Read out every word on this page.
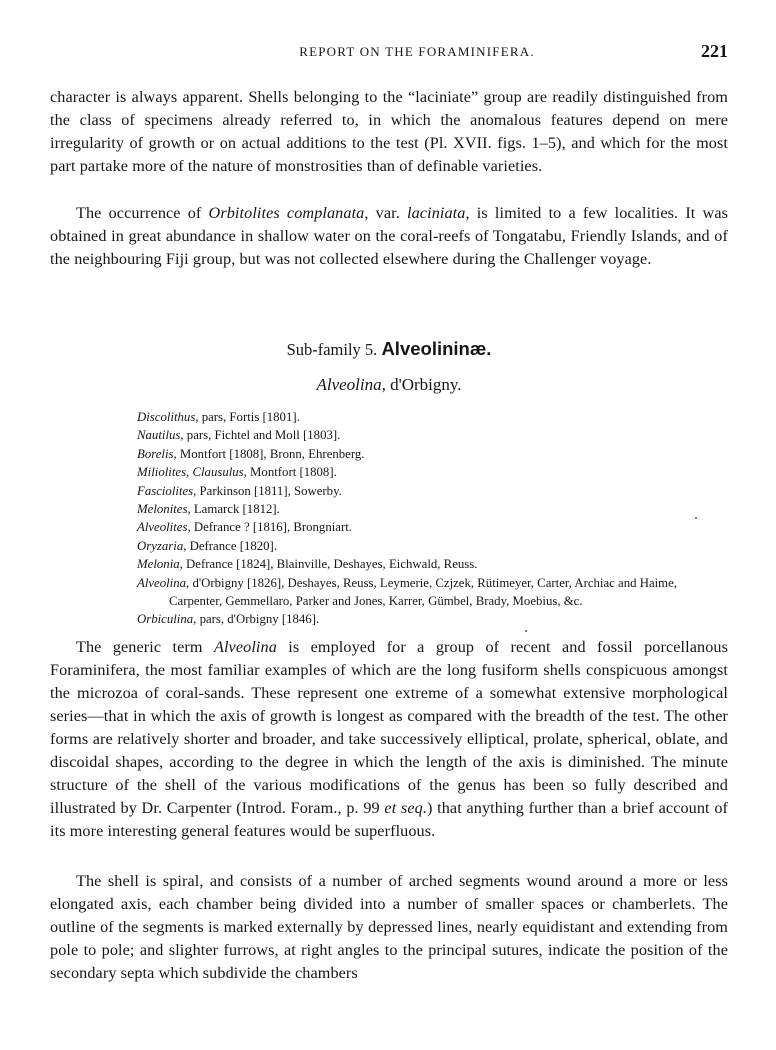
REPORT ON THE FORAMINIFERA.	221

character is always apparent. Shells belonging to the “laciniate” group are readily distinguished from the class of specimens already referred to, in which the anomalous features depend on mere irregularity of growth or on actual additions to the test (Pl. XVII. figs. 1–5), and which for the most part partake more of the nature of monstrosities than of definable varieties.

The occurrence of Orbitolites complanata, var. laciniata, is limited to a few localities. It was obtained in great abundance in shallow water on the coral-reefs of Tongatabu, Friendly Islands, and of the neighbouring Fiji group, but was not collected elsewhere during the Challenger voyage.

Sub-family 5. Alveolininæ.
Alveolina, d'Orbigny.
Discolithus, pars, Fortis [1801].
Nautilus, pars, Fichtel and Moll [1803].
Borelis, Montfort [1808], Bronn, Ehrenberg.
Miliolites, Clausulus, Montfort [1808].
Fasciolites, Parkinson [1811], Sowerby.
Melonites, Lamarck [1812].
Alveolites, Defrance ? [1816], Brongniart.
Oryzaria, Defrance [1820].
Melonia, Defrance [1824], Blainville, Deshayes, Eichwald, Reuss.
Alveolina, d'Orbigny [1826], Deshayes, Reuss, Leymerie, Czjzek, Rütimeyer, Carter, Archiac and Haime, Carpenter, Gemmellaro, Parker and Jones, Karrer, Gümbel, Brady, Moebius, &c.
Orbiculina, pars, d'Orbigny [1846].

The generic term Alveolina is employed for a group of recent and fossil porcellanous Foraminifera, the most familiar examples of which are the long fusiform shells conspicuous amongst the microzoa of coral-sands. These represent one extreme of a somewhat extensive morphological series—that in which the axis of growth is longest as compared with the breadth of the test. The other forms are relatively shorter and broader, and take successively elliptical, prolate, spherical, oblate, and discoidal shapes, according to the degree in which the length of the axis is diminished. The minute structure of the shell of the various modifications of the genus has been so fully described and illustrated by Dr. Carpenter (Introd. Foram., p. 99 et seq.) that anything further than a brief account of its more interesting general features would be superfluous.

The shell is spiral, and consists of a number of arched segments wound around a more or less elongated axis, each chamber being divided into a number of smaller spaces or chamberlets. The outline of the segments is marked externally by depressed lines, nearly equidistant and extending from pole to pole; and slighter furrows, at right angles to the principal sutures, indicate the position of the secondary septa which subdivide the chambers
